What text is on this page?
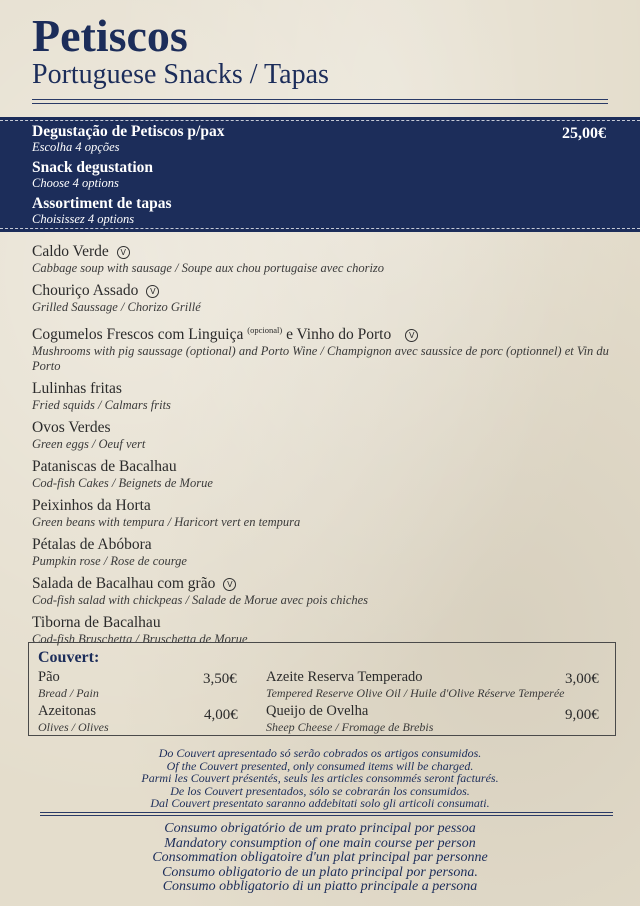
Petiscos
Portuguese Snacks / Tapas
25,00€
Degustação de Petiscos p/pax
Escolha 4 opções
Snack degustation
Choose 4 options
Assortiment de tapas
Choisissez 4 options
Caldo Verde V
Cabbage soup with sausage / Soupe aux chou portugaise avec chorizo
Chouriço Assado V
Grilled Saussage / Chorizo Grillé
Cogumelos Frescos com Linguiça $^{(opcional)}$ e Vinho do Porto V
Mushrooms with pig saussage (optional) and Porto Wine / Champignon avec saussice de porc (optionnel) et Vin du Porto
Lulinhas fritas
Fried squids / Calmars frits
Ovos Verdes
Green eggs / Oeuf vert
Pataniscas de Bacalhau
Cod-fish Cakes / Beignets de Morue
Peixinhos da Horta
Green beans with tempura / Haricort vert en tempura
Pétalas de Abóbora
Pumpkin rose / Rose de courge
Salada de Bacalhau com grão V
Cod-fish salad with chickpeas / Salade de Morue avec pois chiches
Tiborna de Bacalhau
Cod-fish Bruschetta / Bruschetta de Morue
Couvert:
Pão
Bread / Pain
3,50€ Azeite Reserva Temperado
Tempered Reserve Olive Oil / Huile d'Olive Réserve Temperée
3,00€
Azeitonas
Olives / Olives
4,00€ Queijo de Ovelha
Sheep Cheese / Fromage de Brebis
9,00€
Do Couvert apresentado só serão cobrados os artigos consumidos.
Of the Couvert presented, only consumed items will be charged.
Parmi les Couvert présentés, seuls les articles consommés seront facturés.
De los Couvert presentados, sólo se cobrarán los consumidos.
Dal Couvert presentato saranno addebitati solo gli articoli consumati.
Consumo obrigatório de um prato principal por pessoa
Mandatory consumption of one main course per person
Consommation obligatoire d'un plat principal par personne
Consumo obligatorio de un plato principal por persona.
Consumo obbligatorio di un piatto principale a persona
